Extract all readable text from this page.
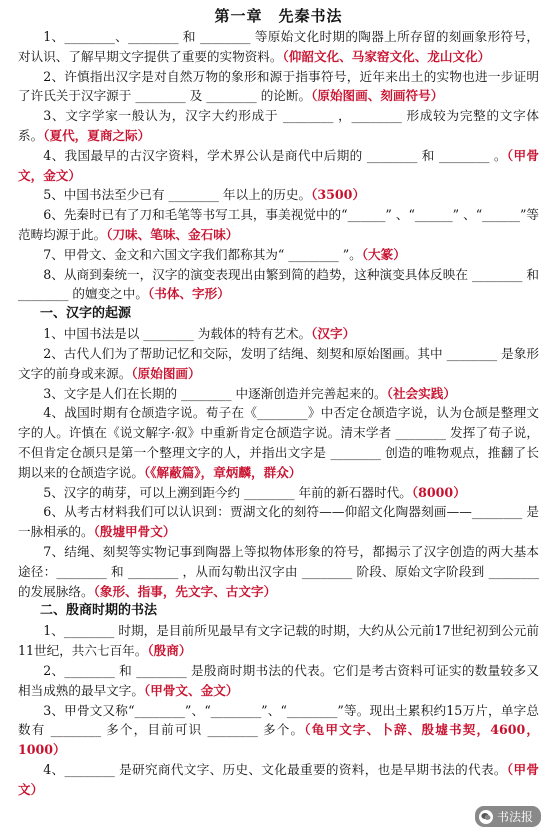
第一章　先秦书法

1、________、________ 和 ________ 等原始文化时期的陶器上所存留的刻画象形符号，对认识、了解早期文字提供了重要的实物资料。（仰韶文化、马家窑文化、龙山文化）

2、许慎指出汉字是对自然万物的象形和源于指事符号，近年来出土的实物也进一步证明了许氏关于汉字源于 ________ 及 ________ 的论断。（原始图画、刻画符号）

3、文字学家一般认为，汉字大约形成于 ________ ，________ 形成较为完整的文字体系。（夏代，夏商之际）

4、我国最早的古汉字资料，学术界公认是商代中后期的 ________ 和 ________ 。（甲骨文，金文）

5、中国书法至少已有 ________ 年以上的历史。（3500）

6、先秦时已有了刀和毛笔等书写工具，事美视觉中的“______” 、“______” 、“______”等范畴均源于此。（刀味、笔味、金石味）

7、甲骨文、金文和六国文字我们都称其为“ ________ ”。（大篆）

8、从商到秦统一，汉字的演变表现出由繁到简的趋势，这种演变具体反映在 ________ 和 ________ 的嬗变之中。（书体、字形）

一、汉字的起源

1、中国书法是以 ________ 为载体的特有艺术。（汉字）

2、古代人们为了帮助记忆和交际，发明了结绳、刻契和原始图画。其中 ________ 是象形文字的前身或来源。（原始图画）

3、文字是人们在长期的 ________ 中逐渐创造并完善起来的。（社会实践）

4、战国时期有仓颉造字说。荀子在《________》中否定仓颉造字说，认为仓颉是整理文字的人。许慎在《说文解字·叙》中重新肯定仓颉造字说。清末学者 ________ 发挥了荀子说，不但肯定仓颉只是第一个整理文字的人，并指出文字是 ________ 创造的唯物观点，推翻了长期以来的仓颉造字说。（《解蔽篇》，章炳麟，群众）

5、汉字的萌芽，可以上溯到距今约 ________ 年前的新石器时代。（8000）

6、从考古材料我们可以认识到：贾湖文化的刻符——仰韶文化陶器刻画——________ 是一脉相承的。（殷墟甲骨文）

7、结绳、刻契等实物记事到陶器上等拟物体形象的符号，都揭示了汉字创造的两大基本途径：________ 和 ________ ，从而勾勒出汉字由 ________ 阶段、原始文字阶段到 ________ 的发展脉络。（象形、指事，先文字、古文字）

二、殷商时期的书法

1、________ 时期，是目前所见最早有文字记载的时期，大约从公元前17世纪初到公元前11世纪，共六七百年。（殷商）

2、________ 和 ________ 是殷商时期书法的代表。它们是考古资料可证实的数量较多又相当成熟的最早文字。（甲骨文、金文）

3、甲骨文又称“________”、“________”、“________”等。现出土累积约15万片，单字总数有 ________ 多个，目前可识 ________ 多个。（龟甲文字、卜辞、殷墟书契，4600，1000）

4、________ 是研究商代文字、历史、文化最重要的资料，也是早期书法的代表。（甲骨文）

书法报
